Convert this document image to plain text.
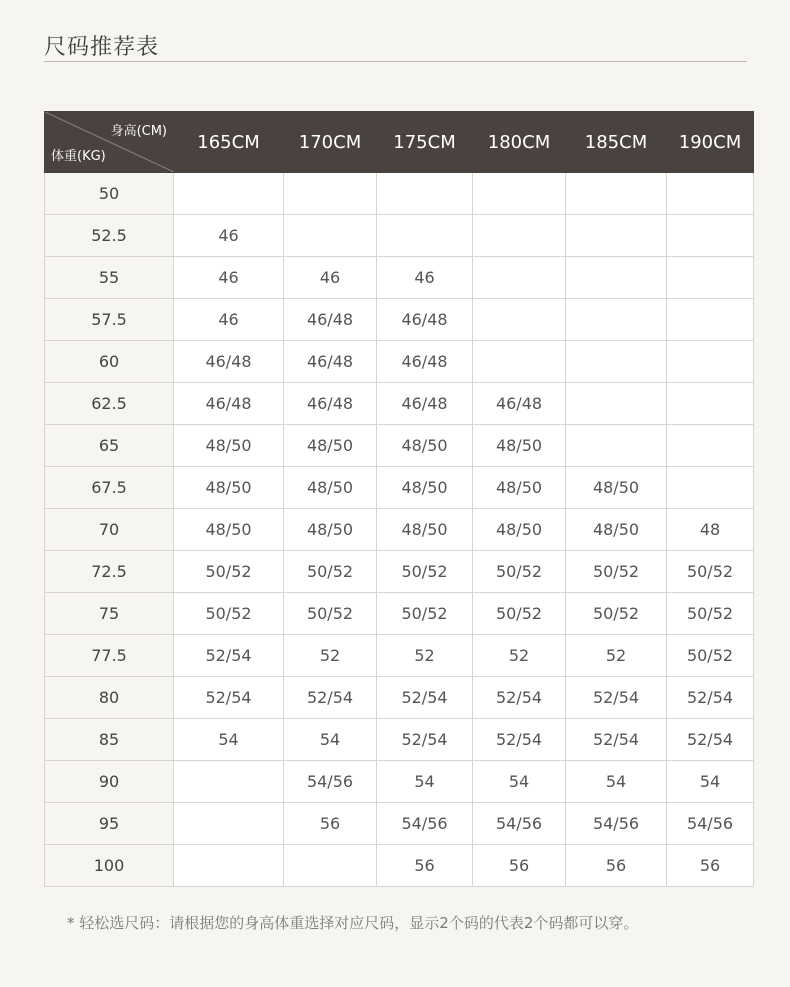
尺码推荐表
身高(CM)
体重(KG)	165CM	170CM	175CM	180CM	185CM	190CM
50						
52.5	46					
55	46	46	46			
57.5	46	46/48	46/48			
60	46/48	46/48	46/48			
62.5	46/48	46/48	46/48	46/48		
65	48/50	48/50	48/50	48/50		
67.5	48/50	48/50	48/50	48/50	48/50	
70	48/50	48/50	48/50	48/50	48/50	48
72.5	50/52	50/52	50/52	50/52	50/52	50/52
75	50/52	50/52	50/52	50/52	50/52	50/52
77.5	52/54	52	52	52	52	50/52
80	52/54	52/54	52/54	52/54	52/54	52/54
85	54	54	52/54	52/54	52/54	52/54
90		54/56	54	54	54	54
95		56	54/56	54/56	54/56	54/56
100			56	56	56	56
* 轻松选尺码：请根据您的身高体重选择对应尺码，显示2个码的代表2个码都可以穿。
